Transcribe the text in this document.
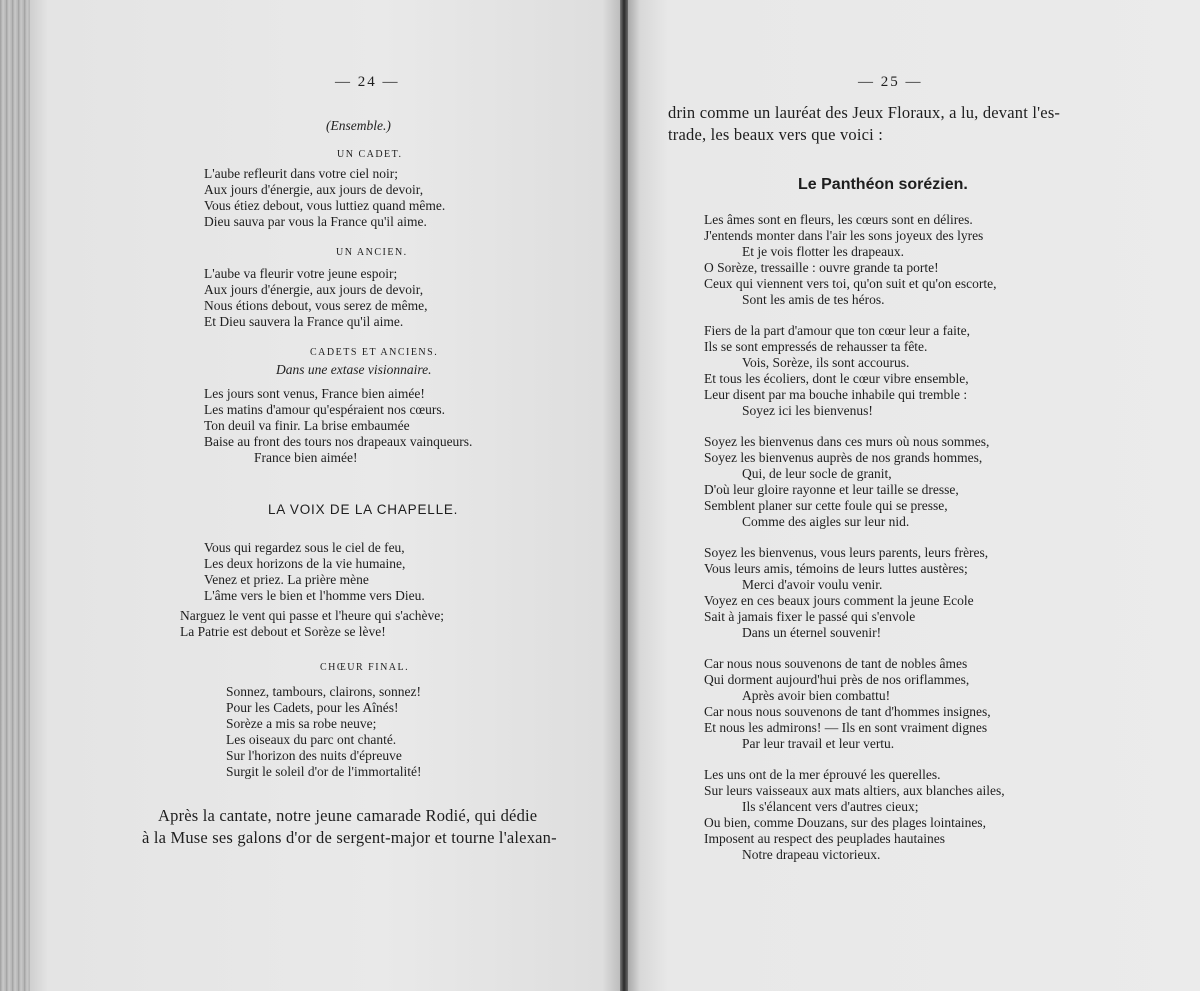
— 24 —
(Ensemble.)
UN CADET.
L'aube refleurit dans votre ciel noir;
Aux jours d'énergie, aux jours de devoir,
Vous étiez debout, vous luttiez quand même.
Dieu sauva par vous la France qu'il aime.
UN ANCIEN.
L'aube va fleurir votre jeune espoir;
Aux jours d'énergie, aux jours de devoir,
Nous étions debout, vous serez de même,
Et Dieu sauvera la France qu'il aime.
CADETS ET ANCIENS.
Dans une extase visionnaire.
Les jours sont venus, France bien aimée!
Les matins d'amour qu'espéraient nos cœurs.
Ton deuil va finir. La brise embaumée
Baise au front des tours nos drapeaux vainqueurs.
France bien aimée!
LA VOIX DE LA CHAPELLE.
Vous qui regardez sous le ciel de feu,
Les deux horizons de la vie humaine,
Venez et priez. La prière mène
L'âme vers le bien et l'homme vers Dieu.
Narguez le vent qui passe et l'heure qui s'achève;
La Patrie est debout et Sorèze se lève!
CHŒUR FINAL.
Sonnez, tambours, clairons, sonnez!
Pour les Cadets, pour les Aînés!
Sorèze a mis sa robe neuve;
Les oiseaux du parc ont chanté.
Sur l'horizon des nuits d'épreuve
Surgit le soleil d'or de l'immortalité!
Après la cantate, notre jeune camarade Rodié, qui dédie
à la Muse ses galons d'or de sergent-major et tourne l'alexan-
— 25 —
drin comme un lauréat des Jeux Floraux, a lu, devant l'es-
trade, les beaux vers que voici :
Le Panthéon sorézien.
Les âmes sont en fleurs, les cœurs sont en délires.
J'entends monter dans l'air les sons joyeux des lyres
Et je vois flotter les drapeaux.
O Sorèze, tressaille : ouvre grande ta porte!
Ceux qui viennent vers toi, qu'on suit et qu'on escorte,
Sont les amis de tes héros.
Fiers de la part d'amour que ton cœur leur a faite,
Ils se sont empressés de rehausser ta fête.
Vois, Sorèze, ils sont accourus.
Et tous les écoliers, dont le cœur vibre ensemble,
Leur disent par ma bouche inhabile qui tremble :
Soyez ici les bienvenus!
Soyez les bienvenus dans ces murs où nous sommes,
Soyez les bienvenus auprès de nos grands hommes,
Qui, de leur socle de granit,
D'où leur gloire rayonne et leur taille se dresse,
Semblent planer sur cette foule qui se presse,
Comme des aigles sur leur nid.
Soyez les bienvenus, vous leurs parents, leurs frères,
Vous leurs amis, témoins de leurs luttes austères;
Merci d'avoir voulu venir.
Voyez en ces beaux jours comment la jeune Ecole
Sait à jamais fixer le passé qui s'envole
Dans un éternel souvenir!
Car nous nous souvenons de tant de nobles âmes
Qui dorment aujourd'hui près de nos oriflammes,
Après avoir bien combattu!
Car nous nous souvenons de tant d'hommes insignes,
Et nous les admirons! — Ils en sont vraiment dignes
Par leur travail et leur vertu.
Les uns ont de la mer éprouvé les querelles.
Sur leurs vaisseaux aux mats altiers, aux blanches ailes,
Ils s'élancent vers d'autres cieux;
Ou bien, comme Douzans, sur des plages lointaines,
Imposent au respect des peuplades hautaines
Notre drapeau victorieux.
